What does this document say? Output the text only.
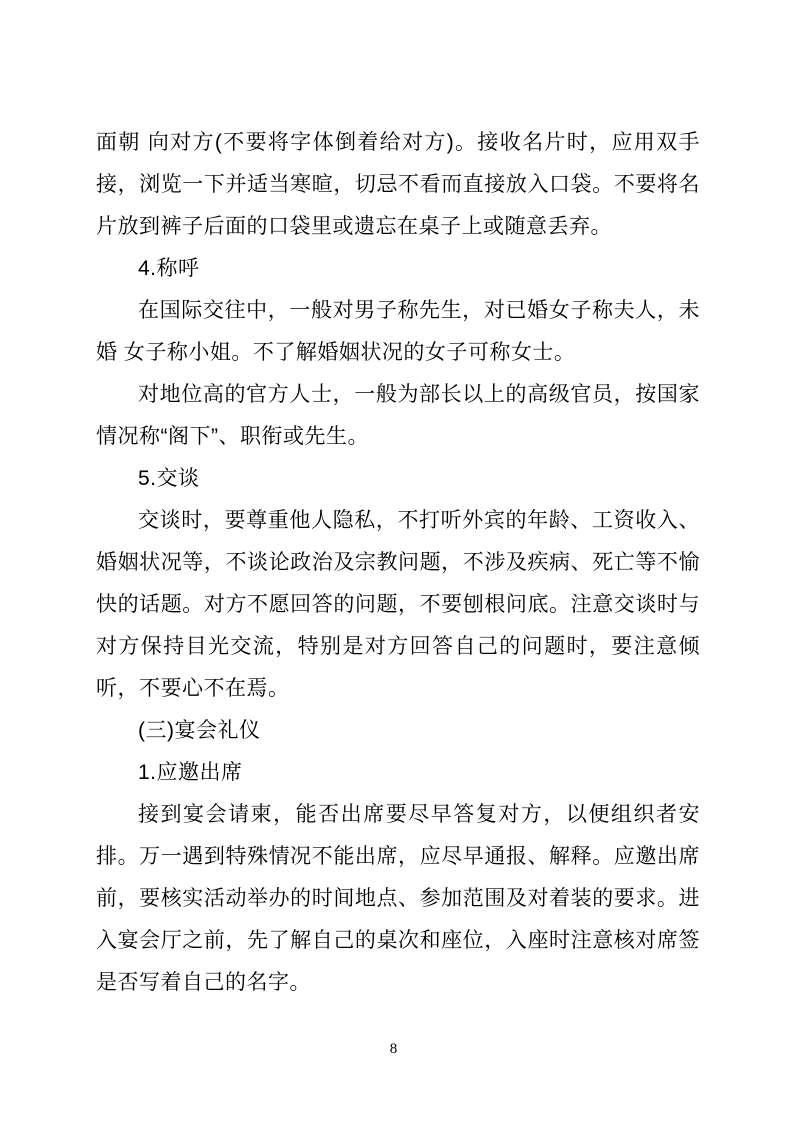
面朝 向对方(不要将字体倒着给对方)。接收名片时，应用双手接，浏览一下并适当寒暄，切忌不看而直接放入口袋。不要将名片放到裤子后面的口袋里或遗忘在桌子上或随意丢弃。

4.称呼

在国际交往中，一般对男子称先生，对已婚女子称夫人，未婚 女子称小姐。不了解婚姻状况的女子可称女士。

对地位高的官方人士，一般为部长以上的高级官员，按国家情况称“阁下”、职衔或先生。

5.交谈

交谈时，要尊重他人隐私，不打听外宾的年龄、工资收入、婚姻状况等，不谈论政治及宗教问题，不涉及疾病、死亡等不愉快的话题。对方不愿回答的问题，不要刨根问底。注意交谈时与对方保持目光交流，特别是对方回答自己的问题时，要注意倾听，不要心不在焉。

(三)宴会礼仪

1.应邀出席

接到宴会请柬，能否出席要尽早答复对方，以便组织者安排。万一遇到特殊情况不能出席，应尽早通报、解释。应邀出席前，要核实活动举办的时间地点、参加范围及对着装的要求。进入宴会厅之前，先了解自己的桌次和座位，入座时注意核对席签是否写着自己的名字。

8
